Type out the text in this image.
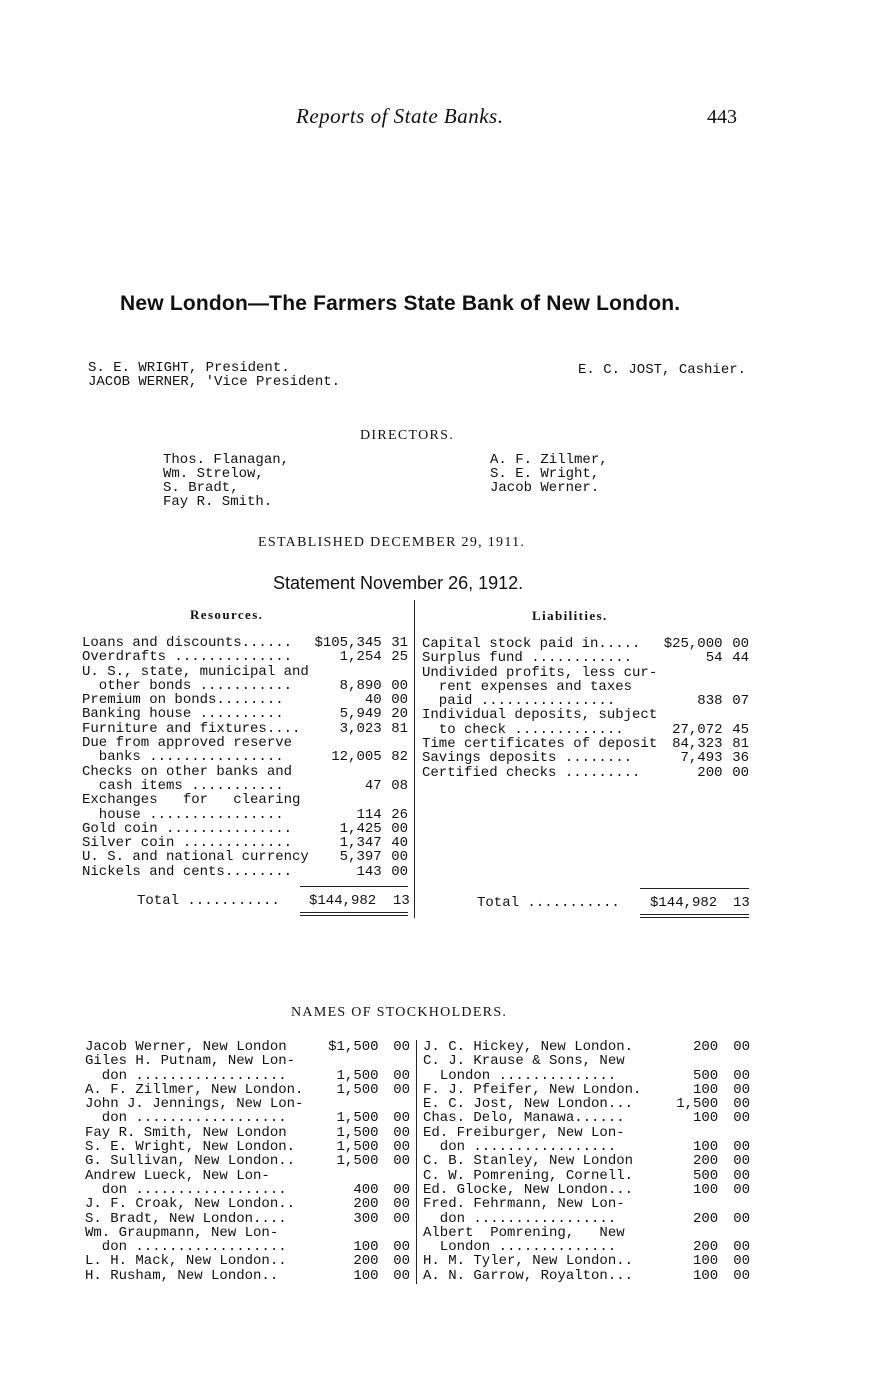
Reports of State Banks.	443
New London—The Farmers State Bank of New London.
S. E. WRIGHT, President.
JACOB WERNER, 'Vice President.
E. C. JOST, Cashier.
DIRECTORS.
Thos. Flanagan,
Wm. Strelow,
S. Bradt,
Fay R. Smith.
A. F. Zillmer,
S. E. Wright,
Jacob Werner.
ESTABLISHED DECEMBER 29, 1911.
Statement November 26, 1912.
Resources.	Liabilities.
Loans and discounts......	$105,345	31
Overdrafts ..............	1,254	25
U. S., state, municipal and		
other bonds ...........	8,890	00
Premium on bonds........	40	00
Banking house ..........	5,949	20
Furniture and fixtures....	3,023	81
Due from approved reserve		
banks ................	12,005	82
Checks on other banks and		
cash items ...........	47	08
Exchanges   for   clearing		
house ................	114	26
Gold coin ...............	1,425	00
Silver coin .............	1,347	40
U. S. and national currency	5,397	00
Nickels and cents........	143	00
Capital stock paid in.....	$25,000	00
Surplus fund ............	54	44
Undivided profits, less cur-		
rent expenses and taxes		
paid ................	838	07
Individual deposits, subject		
to check .............	27,072	45
Time certificates of deposit	84,323	81
Savings deposits ........	7,493	36
Certified checks .........	200	00
Total ........... $144,982 13	Total ........... $144,982 13
NAMES OF STOCKHOLDERS.
Jacob Werner, New London	$1,500	00
Giles H. Putnam, New Lon-		
don ..................	1,500	00
A. F. Zillmer, New London.	1,500	00
John J. Jennings, New Lon-		
don ..................	1,500	00
Fay R. Smith, New London	1,500	00
S. E. Wright, New London.	1,500	00
G. Sullivan, New London..	1,500	00
Andrew Lueck, New Lon-		
don ..................	400	00
J. F. Croak, New London..	200	00
S. Bradt, New London....	300	00
Wm. Graupmann, New Lon-		
don ..................	100	00
L. H. Mack, New London..	200	00
H. Rusham, New London..	100	00
J. C. Hickey, New London.	200	00
C. J. Krause & Sons, New		
London ..............	500	00
F. J. Pfeifer, New London.	100	00
E. C. Jost, New London...	1,500	00
Chas. Delo, Manawa......	100	00
Ed. Freiburger, New Lon-		
don .................	100	00
C. B. Stanley, New London	200	00
C. W. Pomrening, Cornell.	500	00
Ed. Glocke, New London...	100	00
Fred. Fehrmann, New Lon-		
don .................	200	00
Albert  Pomrening,   New		
London ..............	200	00
H. M. Tyler, New London..	100	00
A. N. Garrow, Royalton...	100	00
